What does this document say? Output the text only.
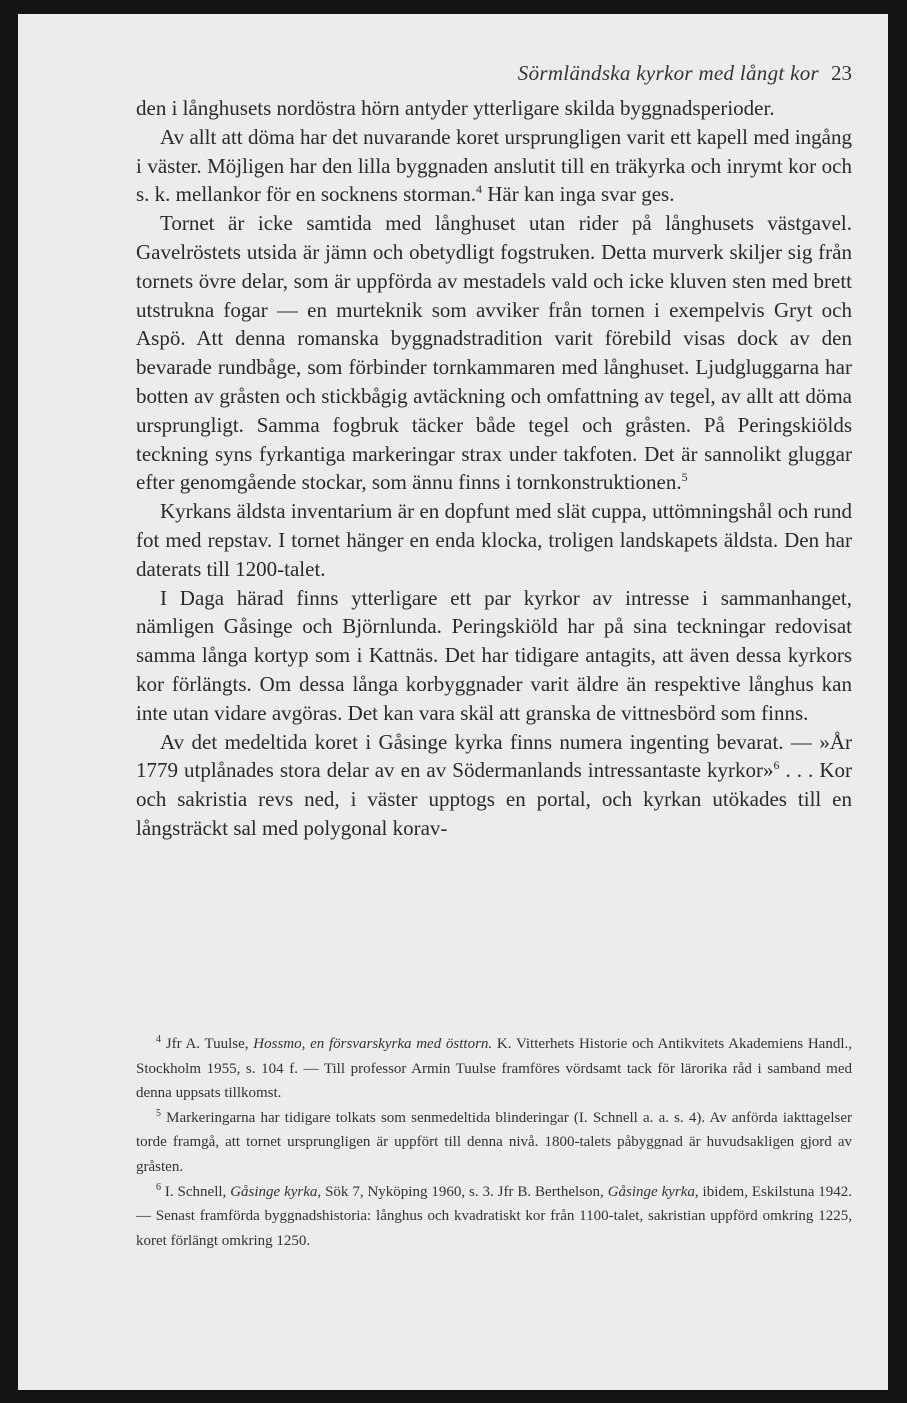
Sörmländska kyrkor med långt kor 23

den i långhusets nordöstra hörn antyder ytterligare skilda byggnadsperioder.

Av allt att döma har det nuvarande koret ursprungligen varit ett kapell med ingång i väster. Möjligen har den lilla byggnaden anslutit till en träkyrka och inrymt kor och s. k. mellankor för en socknens storman.$^4$ Här kan inga svar ges.

Tornet är icke samtida med långhuset utan rider på långhusets västgavel. Gavelröstets utsida är jämn och obetydligt fogstruken. Detta murverk skiljer sig från tornets övre delar, som är uppförda av mestadels vald och icke kluven sten med brett utstrukna fogar — en murteknik som avviker från tornen i exempelvis Gryt och Aspö. Att denna romanska byggnadstradition varit förebild visas dock av den bevarade rundbåge, som förbinder tornkammaren med långhuset. Ljudgluggarna har botten av gråsten och stickbågig avtäckning och omfattning av tegel, av allt att döma ursprungligt. Samma fogbruk täcker både tegel och gråsten. På Peringskiölds teckning syns fyrkantiga markeringar strax under takfoten. Det är sannolikt gluggar efter genomgående stockar, som ännu finns i tornkonstruktionen.$^5$

Kyrkans äldsta inventarium är en dopfunt med slät cuppa, uttömningshål och rund fot med repstav. I tornet hänger en enda klocka, troligen landskapets äldsta. Den har daterats till 1200-talet.

I Daga härad finns ytterligare ett par kyrkor av intresse i sammanhanget, nämligen Gåsinge och Björnlunda. Peringskiöld har på sina teckningar redovisat samma långa kortyp som i Kattnäs. Det har tidigare antagits, att även dessa kyrkors kor förlängts. Om dessa långa korbyggnader varit äldre än respektive långhus kan inte utan vidare avgöras. Det kan vara skäl att granska de vittnesbörd som finns.

Av det medeltida koret i Gåsinge kyrka finns numera ingenting bevarat. — »År 1779 utplånades stora delar av en av Södermanlands intressantaste kyrkor»$^6$ . . . Kor och sakristia revs ned, i väster upptogs en portal, och kyrkan utökades till en långsträckt sal med polygonal korav-

$^4$ Jfr A. Tuulse, Hossmo, en försvarskyrka med östtorn. K. Vitterhets Historie och Antikvitets Akademiens Handl., Stockholm 1955, s. 104 f. — Till professor Armin Tuulse framföres vördsamt tack för lärorika råd i samband med denna uppsats tillkomst.

$^5$ Markeringarna har tidigare tolkats som senmedeltida blinderingar (I. Schnell a. a. s. 4). Av anförda iakttagelser torde framgå, att tornet ursprungligen är uppfört till denna nivå. 1800-talets påbyggnad är huvudsakligen gjord av gråsten.

$^6$ I. Schnell, Gåsinge kyrka, Sök 7, Nyköping 1960, s. 3. Jfr B. Berthelson, Gåsinge kyrka, ibidem, Eskilstuna 1942. — Senast framförda byggnadshistoria: långhus och kvadratiskt kor från 1100-talet, sakristian uppförd omkring 1225, koret förlängt omkring 1250.
